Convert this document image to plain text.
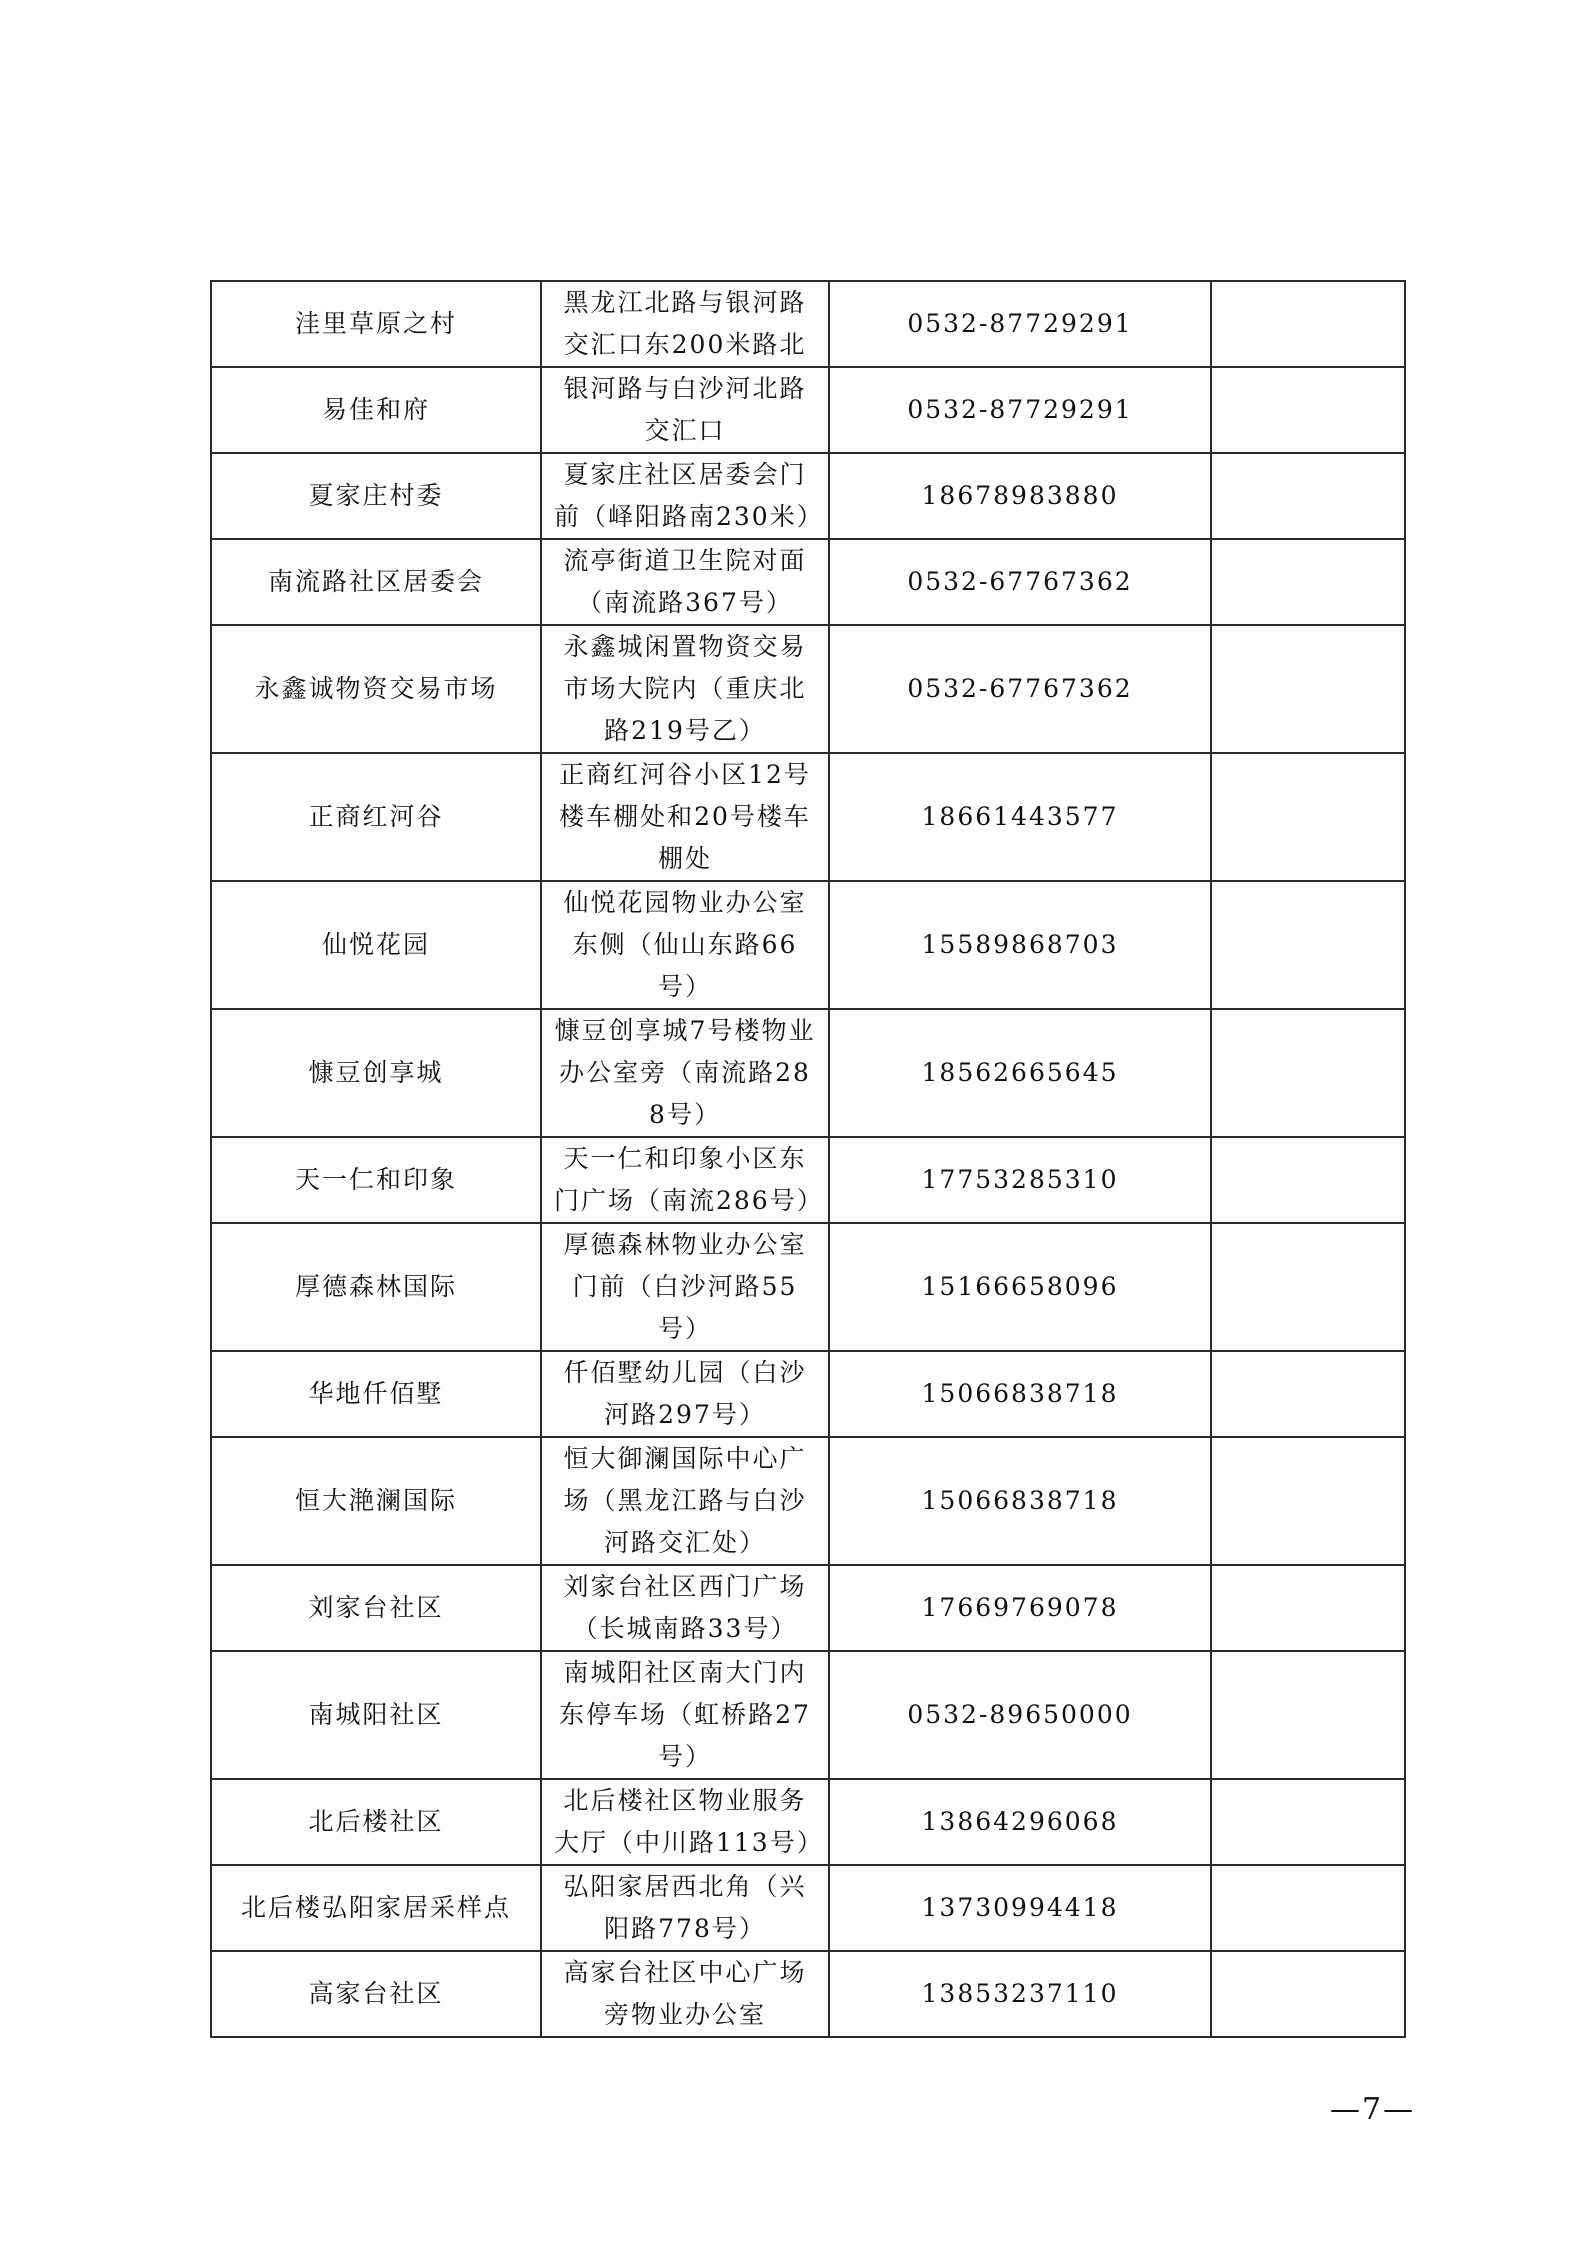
洼里草原之村	黑龙江北路与银河路交汇口东200米路北	0532-87729291	
易佳和府	银河路与白沙河北路交汇口	0532-87729291	
夏家庄村委	夏家庄社区居委会门前（峄阳路南230米）	18678983880	
南流路社区居委会	流亭街道卫生院对面（南流路367号）	0532-67767362	
永鑫诚物资交易市场	永鑫城闲置物资交易市场大院内（重庆北路219号乙）	0532-67767362	
正商红河谷	正商红河谷小区12号楼车棚处和20号楼车棚处	18661443577	
仙悦花园	仙悦花园物业办公室东侧（仙山东路66号）	15589868703	
慷豆创享城	慷豆创享城7号楼物业办公室旁（南流路288号）	18562665645	
天一仁和印象	天一仁和印象小区东门广场（南流286号）	17753285310	
厚德森林国际	厚德森林物业办公室门前（白沙河路55号）	15166658096	
华地仟佰墅	仟佰墅幼儿园（白沙河路297号）	15066838718	
恒大滟澜国际	恒大御澜国际中心广场（黑龙江路与白沙河路交汇处）	15066838718	
刘家台社区	刘家台社区西门广场（长城南路33号）	17669769078	
南城阳社区	南城阳社区南大门内东停车场（虹桥路27号）	0532-89650000	
北后楼社区	北后楼社区物业服务大厅（中川路113号）	13864296068	
北后楼弘阳家居采样点	弘阳家居西北角（兴阳路778号）	13730994418	
高家台社区	高家台社区中心广场旁物业办公室	13853237110	
—7—
